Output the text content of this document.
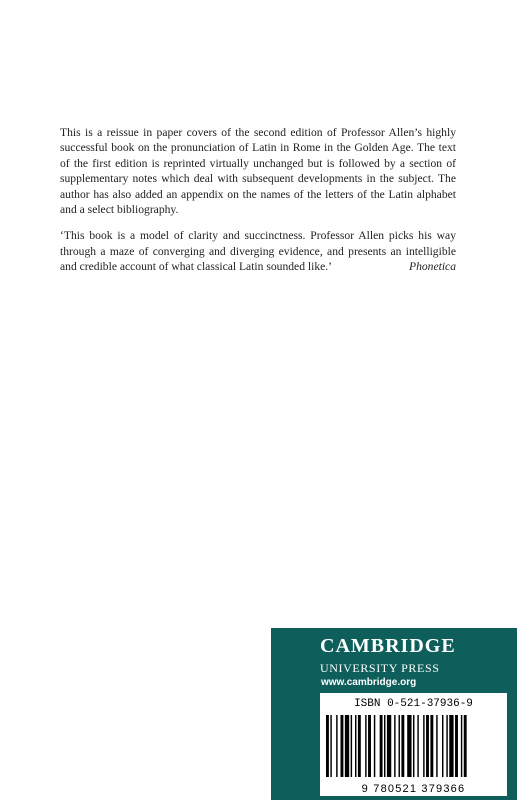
This is a reissue in paper covers of the second edition of Professor Allen’s highly successful book on the pronunciation of Latin in Rome in the Golden Age. The text of the first edition is reprinted virtually unchanged but is followed by a section of supplementary notes which deal with subsequent developments in the subject. The author has also added an appendix on the names of the letters of the Latin alphabet and a select bibliography.

‘This book is a model of clarity and succinctness. Professor Allen picks his way through a maze of converging and diverging evidence, and presents an intelligible and credible account of what classical Latin sounded like.’	Phonetica

CAMBRIDGE
UNIVERSITY PRESS
www.cambridge.org
ISBN 0-521-37936-9
9 780521 379366
